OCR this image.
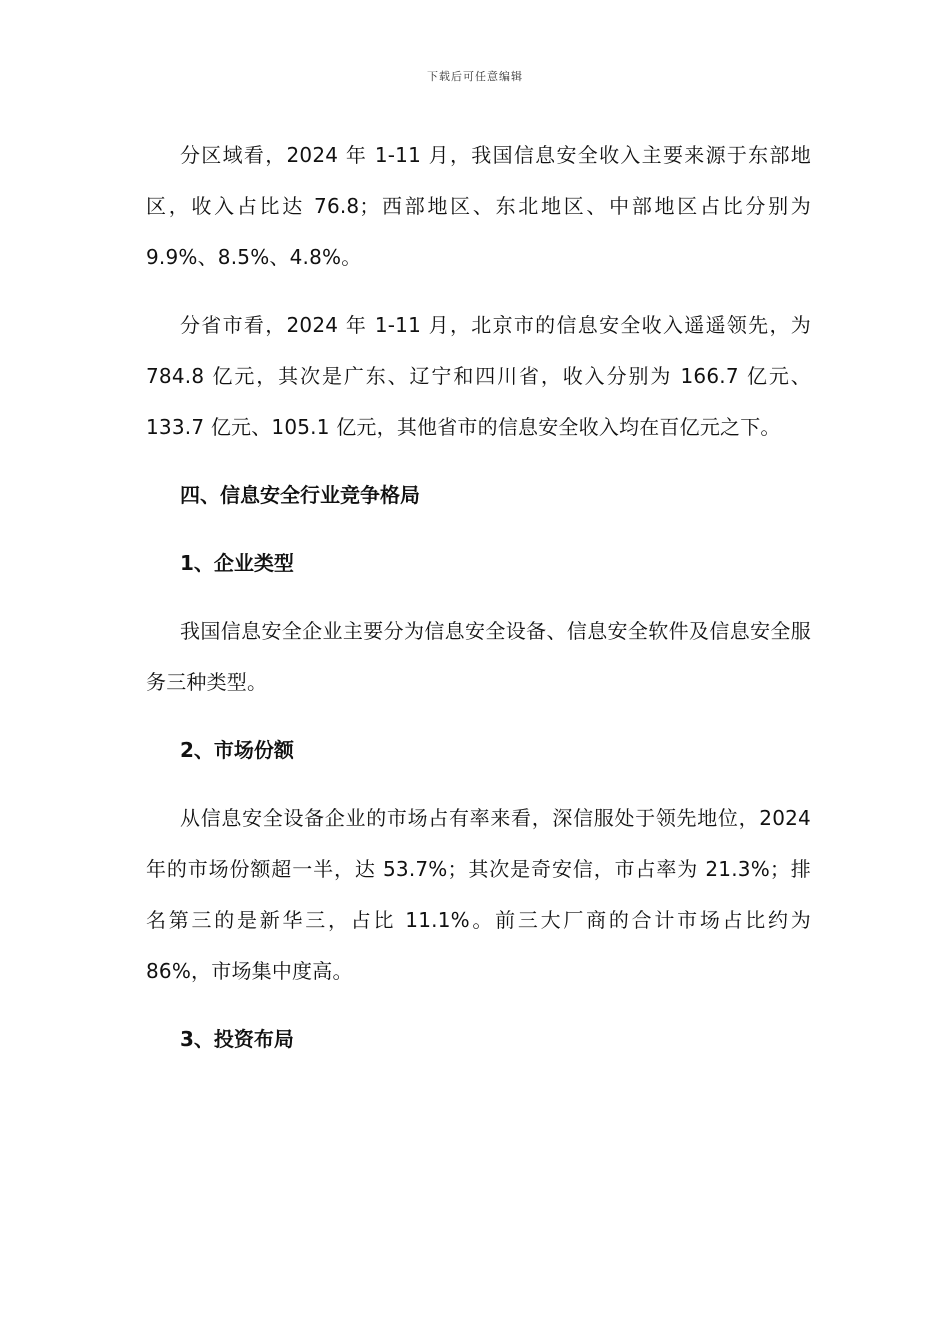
下载后可任意编辑

分区域看，2024 年 1-11 月，我国信息安全收入主要来源于东部地区，收入占比达 76.8；西部地区、东北地区、中部地区占比分别为 9.9%、8.5%、4.8%。

分省市看，2024 年 1-11 月，北京市的信息安全收入遥遥领先，为 784.8 亿元，其次是广东、辽宁和四川省，收入分别为 166.7 亿元、133.7 亿元、105.1 亿元，其他省市的信息安全收入均在百亿元之下。

四、信息安全行业竞争格局

1、企业类型

我国信息安全企业主要分为信息安全设备、信息安全软件及信息安全服务三种类型。

2、市场份额

从信息安全设备企业的市场占有率来看，深信服处于领先地位，2024 年的市场份额超一半，达 53.7%；其次是奇安信，市占率为 21.3%；排名第三的是新华三，占比 11.1%。前三大厂商的合计市场占比约为 86%，市场集中度高。

3、投资布局
